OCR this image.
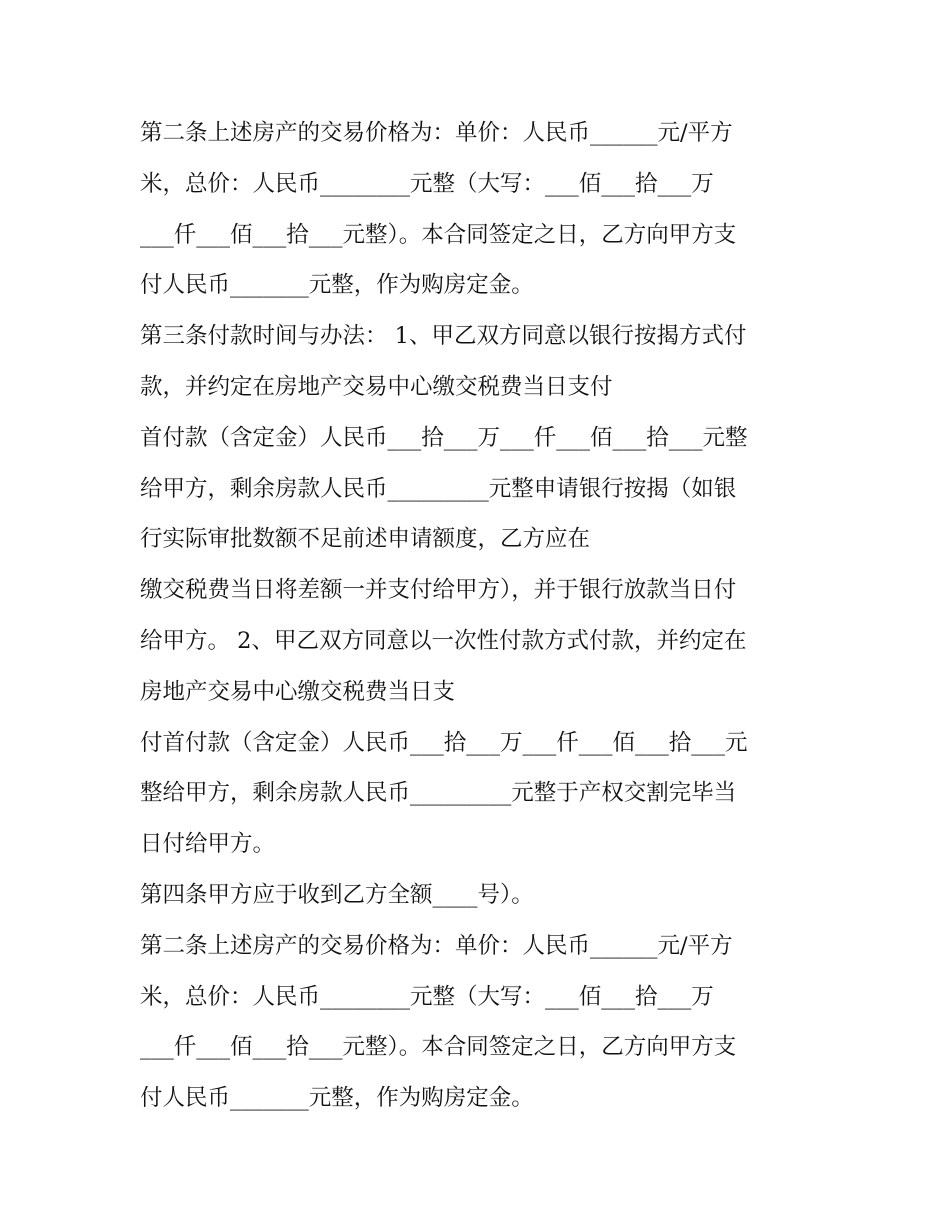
第二条上述房产的交易价格为：单价：人民币______元/平方
米，总价：人民币________元整（大写：___佰___拾___万
___仟___佰___拾___元整）。本合同签定之日，乙方向甲方支
付人民币_______元整，作为购房定金。
第三条付款时间与办法： 1、甲乙双方同意以银行按揭方式付
款，并约定在房地产交易中心缴交税费当日支付
首付款（含定金）人民币___拾___万___仟___佰___拾___元整
给甲方，剩余房款人民币_________元整申请银行按揭（如银
行实际审批数额不足前述申请额度，乙方应在
缴交税费当日将差额一并支付给甲方），并于银行放款当日付
给甲方。 2、甲乙双方同意以一次性付款方式付款，并约定在
房地产交易中心缴交税费当日支
付首付款（含定金）人民币___拾___万___仟___佰___拾___元
整给甲方，剩余房款人民币_________元整于产权交割完毕当
日付给甲方。
第四条甲方应于收到乙方全额____号）。
第二条上述房产的交易价格为：单价：人民币______元/平方
米，总价：人民币________元整（大写：___佰___拾___万
___仟___佰___拾___元整）。本合同签定之日，乙方向甲方支
付人民币_______元整，作为购房定金。
